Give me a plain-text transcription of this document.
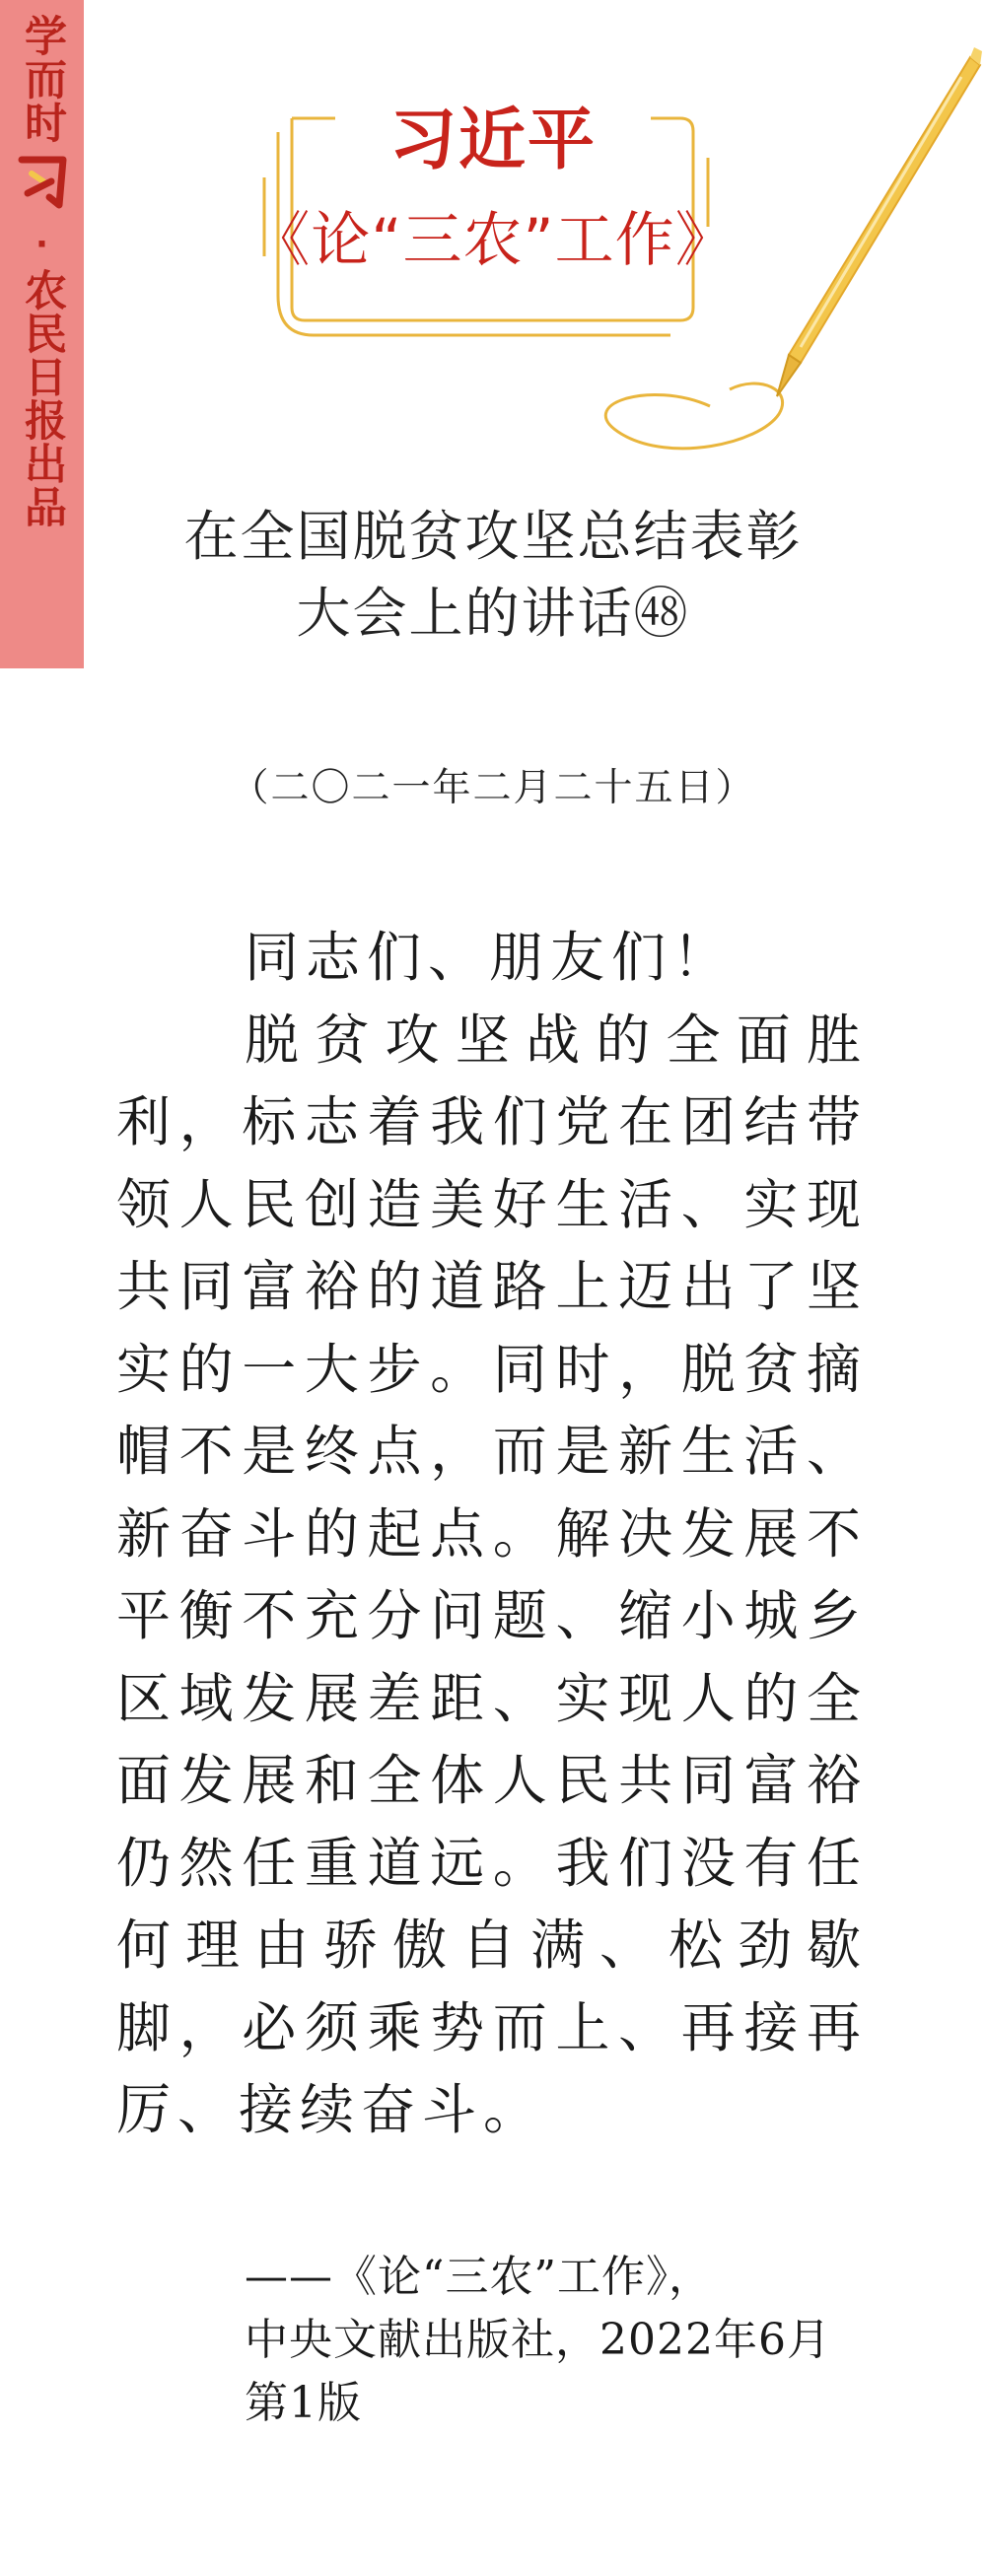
学而时
·
农民日报出品
习近平
《论“三农”工作》
在全国脱贫攻坚总结表彰
大会上的讲话㊽
（二〇二一年二月二十五日）

同志们、朋友们！

脱贫攻坚战的全面胜利，标志着我们党在团结带领人民创造美好生活、实现共同富裕的道路上迈出了坚实的一大步。同时，脱贫摘帽不是终点，而是新生活、新奋斗的起点。解决发展不平衡不充分问题、缩小城乡区域发展差距、实现人的全面发展和全体人民共同富裕仍然任重道远。我们没有任何理由骄傲自满、松劲歇脚，必须乘势而上、再接再厉、接续奋斗。

——《论“三农”工作》，
中央文献出版社，2022年6月
第1版
